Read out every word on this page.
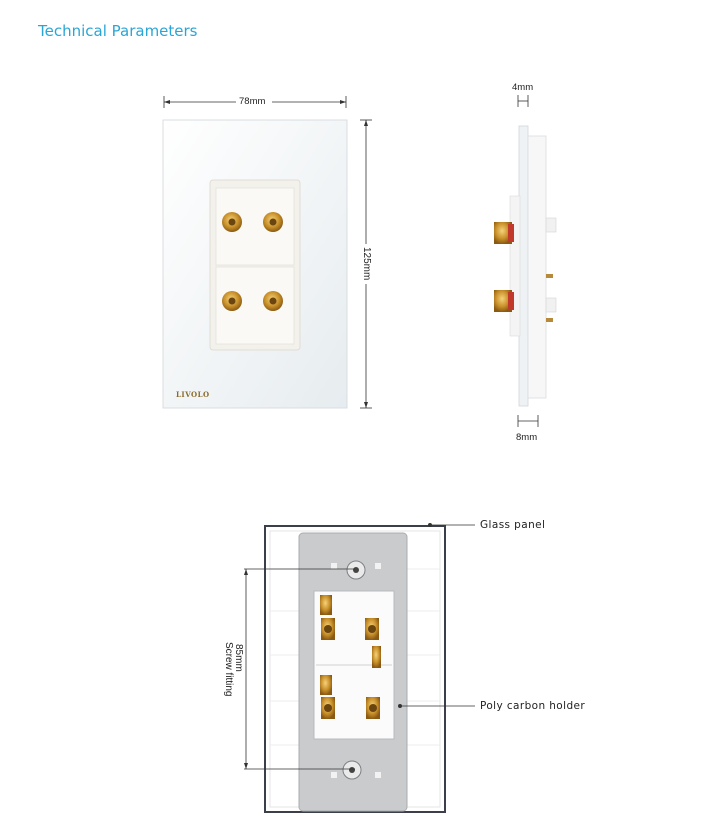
Technical Parameters
78mm
125mm
LIVOLO
4mm
8mm
Glass panel
Poly carbon holder
85mm
Screw fitting
